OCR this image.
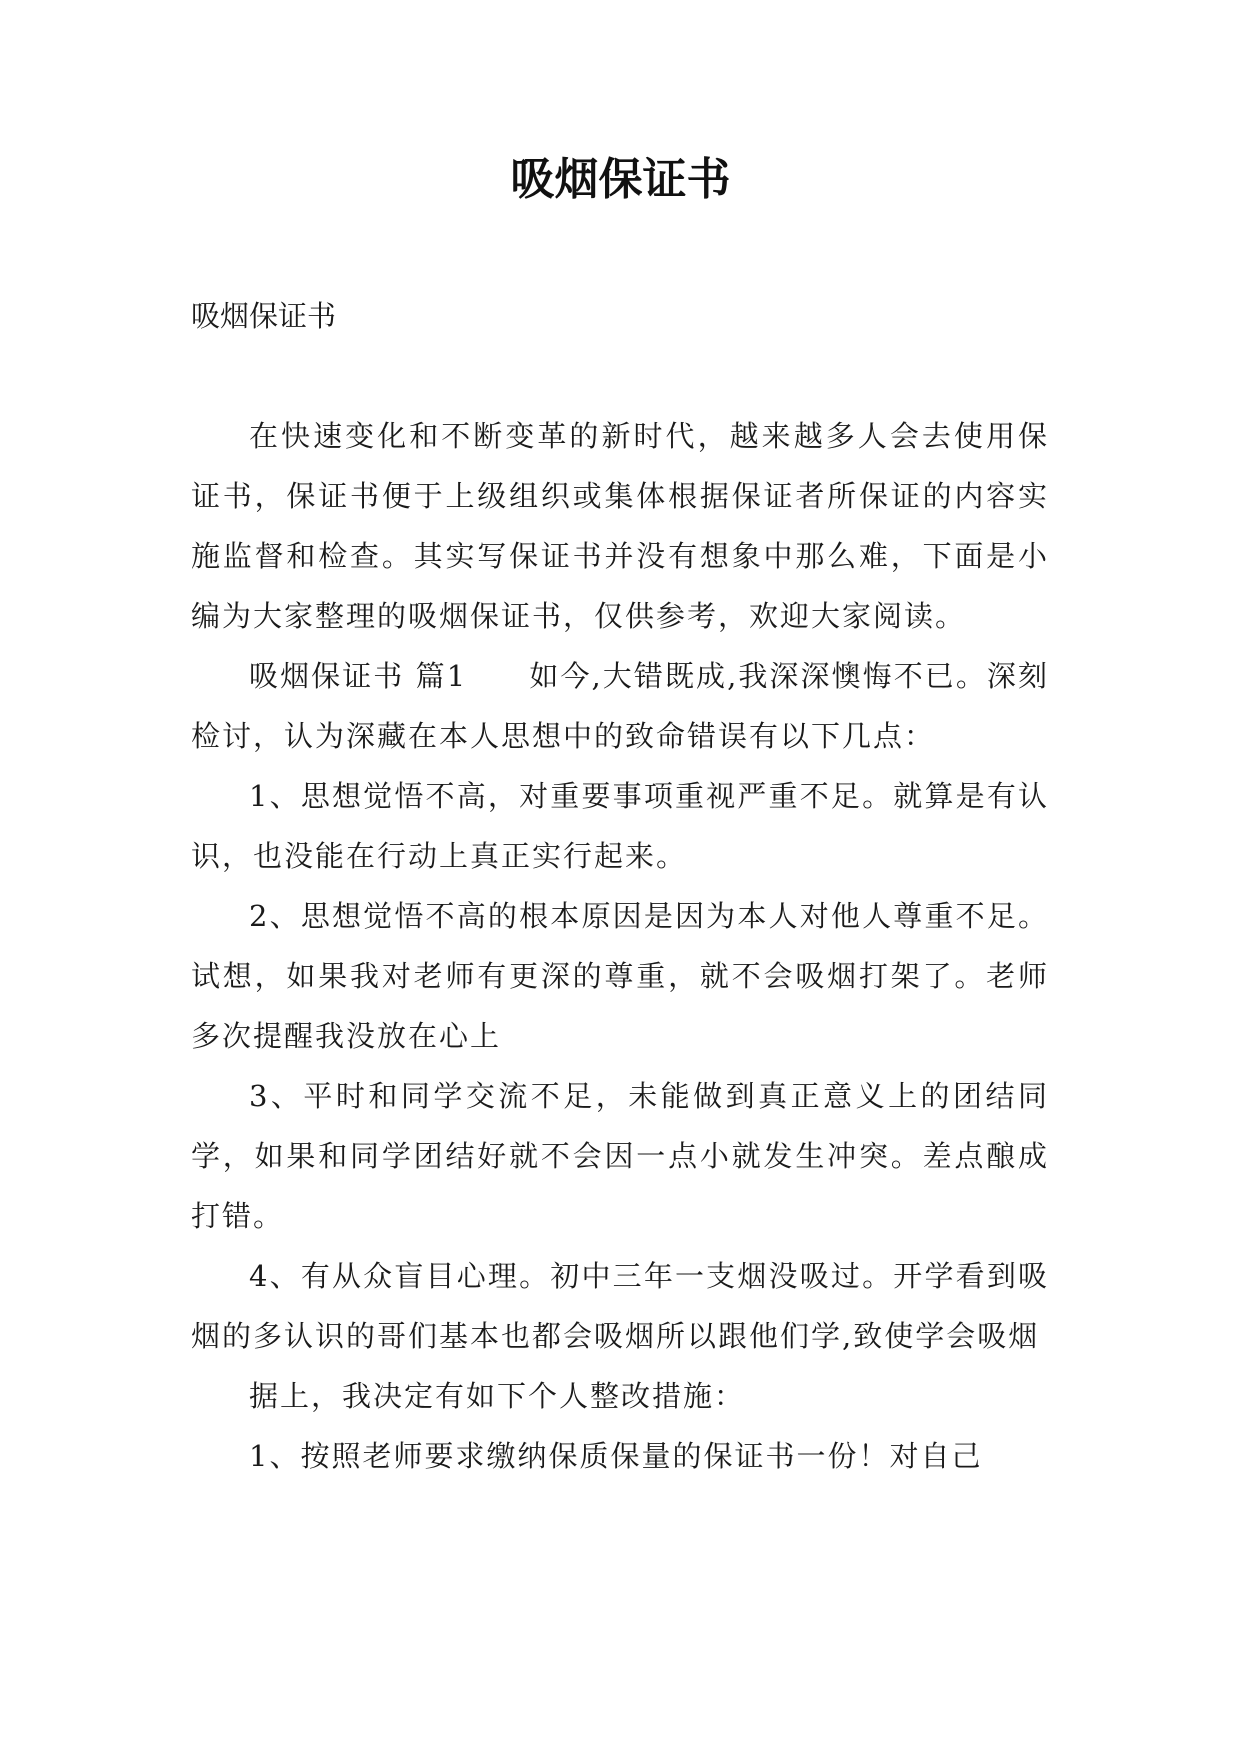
吸烟保证书

吸烟保证书

在快速变化和不断变革的新时代，越来越多人会去使用保证书，保证书便于上级组织或集体根据保证者所保证的内容实施监督和检查。其实写保证书并没有想象中那么难，下面是小编为大家整理的吸烟保证书，仅供参考，欢迎大家阅读。

吸烟保证书 篇1　　如今,大错既成,我深深懊悔不已。深刻检讨，认为深藏在本人思想中的致命错误有以下几点：

1、思想觉悟不高，对重要事项重视严重不足。就算是有认识，也没能在行动上真正实行起来。

2、思想觉悟不高的根本原因是因为本人对他人尊重不足。试想，如果我对老师有更深的尊重，就不会吸烟打架了。老师多次提醒我没放在心上

3、平时和同学交流不足，未能做到真正意义上的团结同学，如果和同学团结好就不会因一点小就发生冲突。差点酿成打错。

4、有从众盲目心理。初中三年一支烟没吸过。开学看到吸烟的多认识的哥们基本也都会吸烟所以跟他们学,致使学会吸烟

据上，我决定有如下个人整改措施：

1、按照老师要求缴纳保质保量的保证书一份！对自己
